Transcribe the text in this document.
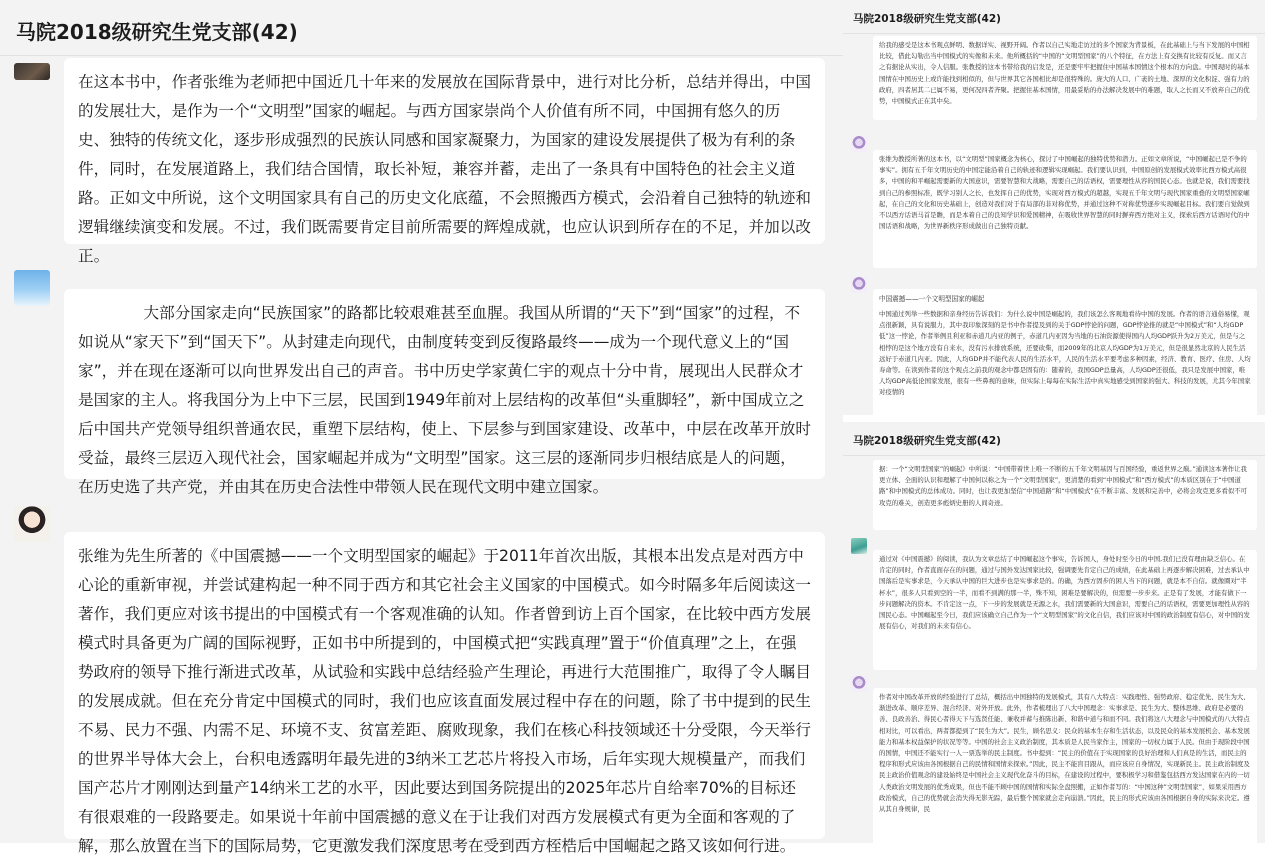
马院2018级研究生党支部(42)

在这本书中，作者张维为老师把中国近几十年来的发展放在国际背景中，进行对比分析，总结并得出，中国的发展壮大，是作为一个“文明型”国家的崛起。与西方国家崇尚个人价值有所不同，中国拥有悠久的历史、独特的传统文化，逐步形成强烈的民族认同感和国家凝聚力，为国家的建设发展提供了极为有利的条件，同时，在发展道路上，我们结合国情，取长补短，兼容并蓄，走出了一条具有中国特色的社会主义道路。正如文中所说，这个文明国家具有自己的历史文化底蕴，不会照搬西方模式，会沿着自己独特的轨迹和逻辑继续演变和发展。不过，我们既需要肯定目前所需要的辉煌成就，也应认识到所存在的不足，并加以改正。

大部分国家走向“民族国家”的路都比较艰难甚至血腥。我国从所谓的“天下”到“国家”的过程，不如说从“家天下”到“国天下”。从封建走向现代，由制度转变到反復路最终——成为一个现代意义上的“国家”，并在现在逐渐可以向世界发出自己的声音。书中历史学家黄仁宇的观点十分中肯，展现出人民群众才是国家的主人。将我国分为上中下三层，民国到1949年前对上层结构的改革但“头重脚轻”，新中国成立之后中国共产党领导组织普通农民，重塑下层结构，使上、下层参与到国家建设、改革中，中层在改革开放时受益，最终三层迈入现代社会，国家崛起并成为“文明型”国家。这三层的逐渐同步归根结底是人的问题，在历史选了共产党，并由其在历史合法性中带领人民在现代文明中建立国家。

张维为先生所著的《中国震撼——一个文明型国家的崛起》于2011年首次出版，其根本出发点是对西方中心论的重新审视，并尝试建构起一种不同于西方和其它社会主义国家的中国模式。如今时隔多年后阅读这一著作，我们更应对该书提出的中国模式有一个客观准确的认知。作者曾到访上百个国家，在比较中西方发展模式时具备更为广阔的国际视野，正如书中所提到的，中国模式把“实践真理”置于“价值真理”之上，在强势政府的领导下推行渐进式改革，从试验和实践中总结经验产生理论，再进行大范围推广，取得了令人瞩目的发展成就。但在充分肯定中国模式的同时，我们也应该直面发展过程中存在的问题，除了书中提到的民生不易、民力不强、内需不足、环境不支、贫富差距、腐败现象，我们在核心科技领域还十分受限，今天举行的世界半导体大会上，台积电透露明年最先进的3纳米工艺芯片将投入市场，后年实现大规模量产，而我们国产芯片才刚刚达到量产14纳米工艺的水平，因此要达到国务院提出的2025年芯片自给率70%的目标还有很艰难的一段路要走。如果说十年前中国震撼的意义在于让我们对西方发展模式有更为全面和客观的了解，那么放置在当下的国际局势，它更激发我们深度思考在受到西方桎梏后中国崛起之路又该如何行进。

马院2018级研究生党支部(42)

给我的感受是这本书观点鲜明、数据详实、视野开阔。作者以自己实地走访过的多个国家为背景板，在此基础上与当下发展的中国相比较，借此勾勒出当中国模式的实像和未来。他所概括的“中国的“文明型国家”的八个特征，在方法上有交换有比较有反复。而又言之有据论从实出，令人信服。张教授的这本书带给我的启发是，还是要牢牢把握住中国基本国情这个根本的方向盘。中国现时的基本国情在中国历史上或许能找到相似的，但与世界其它各国相比却是很特殊的。庞大的人口、广袤的土地、深厚的文化积淀、强有力的政府，四者居其二已属不易，更何况四者齐聚。把握住基本国情，用最妥贴的办法解决发展中的难题，取人之长而又不放弃自己的优势，中国模式正在其中矣。

张维为教授所著的这本书，以“文明型”国家概念为核心，探讨了中国崛起的独特优势和潜力。正如文章所说，“中国崛起已是不争的事实”。拥有五千年文明历史的中国定能沿着自己的轨迹和逻辑实现崛起。我们要认识到，中国原创的发展模式效率比西方模式高很多，中国的和平崛起需要新的大国意识，需要智慧和大战略，需要自己的话语权，需要理性从容的国民心态。也就是说，我们需要找到自己的参照标准，既学习别人之长，也发挥自己的优势，实现对西方模式的超越，实现五千年文明与现代国家重叠的文明型国家崛起，在自己的文化和历史基础上，创造对我们对于有局部的非对称优势，并通过这种不对称优势逐步实现崛起目标。我们要自觉做到不以西方话语马首是瞻，而是本着自己的良知学识和爱国精神，在吸收世界智慧的同时摒弃西方绝对主义，探索后西方话语时代的中国话语和战略，为世界新秩序形成做出自己独特贡献。

中国震撼——一个文明型国家的崛起

中国通过列举一些数据和亲身经历告诉我们：为什么说中国是崛起的，我们该怎么客观地看待中国的发展。作者的语言通俗易懂，观点很新颖，具有说服力，其中我印象深刻的是书中作者提及到的关于GDP悖论的问题，GDP悖论推的就是“中国模式”和“人均GDP低”这一悖论，作者举例且利亚和赤道几内亚的例子，赤道几内亚因为当地的石油资源使得国内人均GDP跃升为2万美元，但是与之相悖的是这个地方没有自来水，没有污水排放系统，还要砍柴，而2009年的北京人均GDP为1万美元，但是很显然北京的人民生活远好于赤道几内亚。因此，人均GDP并不能代表人民的生活水平，人民的生活水平要考虑多种因素，经济、教育、医疗、住房、人均寿命等。在读到作者的这个观点之前我的观念中都是固有的：随着的，我国GDP总量高，人均GDP还很低，我只是发展中国家，唯人均GDP高低论国家发展，很有一些鼻视的意味，但实际上每每在实际生活中真实地感受到国家的强大、科技的发展，尤其今年国家对疫情的

马院2018级研究生党支部(42)

据：一个“文明型国家”的崛起》中所说：“中国带着世上唯一不断的五千年文明基因与百国经验，重返世界之巅。”通读这本著作让我更立体、全面的认识和理解了中国何以称之为一个“文明型国家”，更清楚的看到“中国模式”和“西方模式”的本质区别在于“中国道路”和中国模式的总体成功。同时，也让我更加坚信“中国道路”和“中国模式”在不断丰富、发展和完善中，必将会攻克更多看似不可攻克的难关，创造更多彪炳史册的人间奇迹。

通过对《中国震撼》的阅读，我认为文章总结了中国崛起这个事实，告诉国人，身处时至今日的中国,我们已没有理由缺乏信心。在肯定的同时，作者直面存在的问题，通过与国外发达国家比较，强调要先肯定自己的成绩，在此基础上再逐步解决困难，过去承认中国落后是实事求是，今天承认中国的巨大进步也是实事求是的。的确，为西方固步的困人当下的问题，就是本不自信。就像圈对“半杯水”，很多人只看到空的一半，而看不到满的那一半，殊不知，困难是要解决的，但需要一步步来。正是有了发展，才能有做下一步问题解决的资本。不肯定这一点，下一步的发展就是无源之水，我们需要新的大国意识，需要自己的话语权，需要更加理性从容的国民心态。中国崛起至今日，我们应该确立自己作为一个“文明型国家”的文化自信，我们应该对中国的政治制度有信心，对中国的发展有信心，对我们的未来有信心。

作者对中国改革开放的经验进行了总结，概括出中国独特的发展模式，其有八大特点：实践理性、强势政府、稳定优先、民生为大、渐进改革、顺序差异、混合经济、对外开放。此外，作者梳理出了八大中国理念：实事求是、民生为大、整体思维、政府是必要的善、良政善治、得民心者得天下与选贤任能、兼收并蓄与推陈出新、和谐中道与和而不同。我们将这八大理念与中国模式的八大特点相对比，可以看出，两者都提到了“民生为大”。民生，顾名思义：民众的基本生存和生活状态，以及民众的基本发展机会、基本发展能力和基本权益保护的状况等等。中国的社会主义政治制度，其本质是人民当家作主，国家的一切权力属于人民。但由于现阶段中国的国情，中国还不能实行一人一票选举的民主制度。书中提到：“民主的价值在于实现国家的良好治理和人们真是的生活，而民主的程序和形式应该由各国根据自己的民情和国情来探索。”因此，民主不能盲目跟从，而应该应自身情况，实现新民主。民主政治制度及民主政治价值观念的建设始终是中国社会主义现代化奋斗的目标，在建设的过程中，要积极学习和借鉴包括西方发达国家在内的一切人类政治文明发展的优秀成果，但也不能不顾中国的国情和实际全盘照搬，正如作者写的：“中国这种”文明型国家”，如果采用西方政治模式，自己的优势就会消失得无影无踪，最后整个国家就会走向崩溃。”因此，民主的形式应该由各国根据自身的实际来决定。遵从其自身规律，民
